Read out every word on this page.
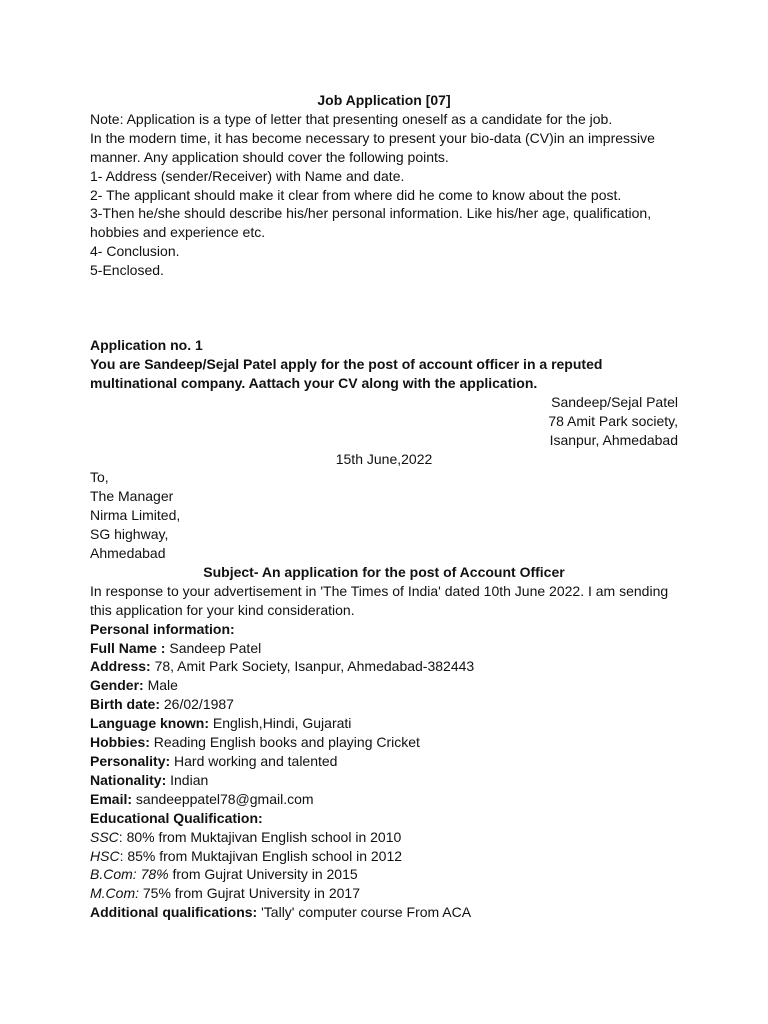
Job Application [07]
Note: Application is a type of letter that presenting oneself as a candidate for the job.
In the modern time, it has become necessary to present your bio-data (CV)in an impressive
manner. Any application should cover the following points.
1- Address (sender/Receiver) with Name and date.
2- The applicant should make it clear from where did he come to know about the post.
3-Then he/she should describe his/her personal information. Like his/her age, qualification,
hobbies and experience etc.
4- Conclusion.
5-Enclosed.
Application no. 1
You are Sandeep/Sejal Patel apply for the post of account officer in a reputed
multinational company. Aattach your CV along with the application.
Sandeep/Sejal Patel
78 Amit Park society,
Isanpur, Ahmedabad
15th June,2022
To,
The Manager
Nirma Limited,
SG highway,
Ahmedabad
Subject- An application for the post of Account Officer
In response to your advertisement in 'The Times of India' dated 10th June 2022. I am sending
this application for your kind consideration.
Personal information:
Full Name : Sandeep Patel
Address: 78, Amit Park Society, Isanpur, Ahmedabad-382443
Gender: Male
Birth date: 26/02/1987
Language known: English,Hindi, Gujarati
Hobbies: Reading English books and playing Cricket
Personality: Hard working and talented
Nationality: Indian
Email: sandeeppatel78@gmail.com
Educational Qualification:
SSC: 80% from Muktajivan English school in 2010
HSC: 85% from Muktajivan English school in 2012
B.Com: 78% from Gujrat University in 2015
M.Com: 75% from Gujrat University in 2017
Additional qualifications: 'Tally' computer course From ACA
